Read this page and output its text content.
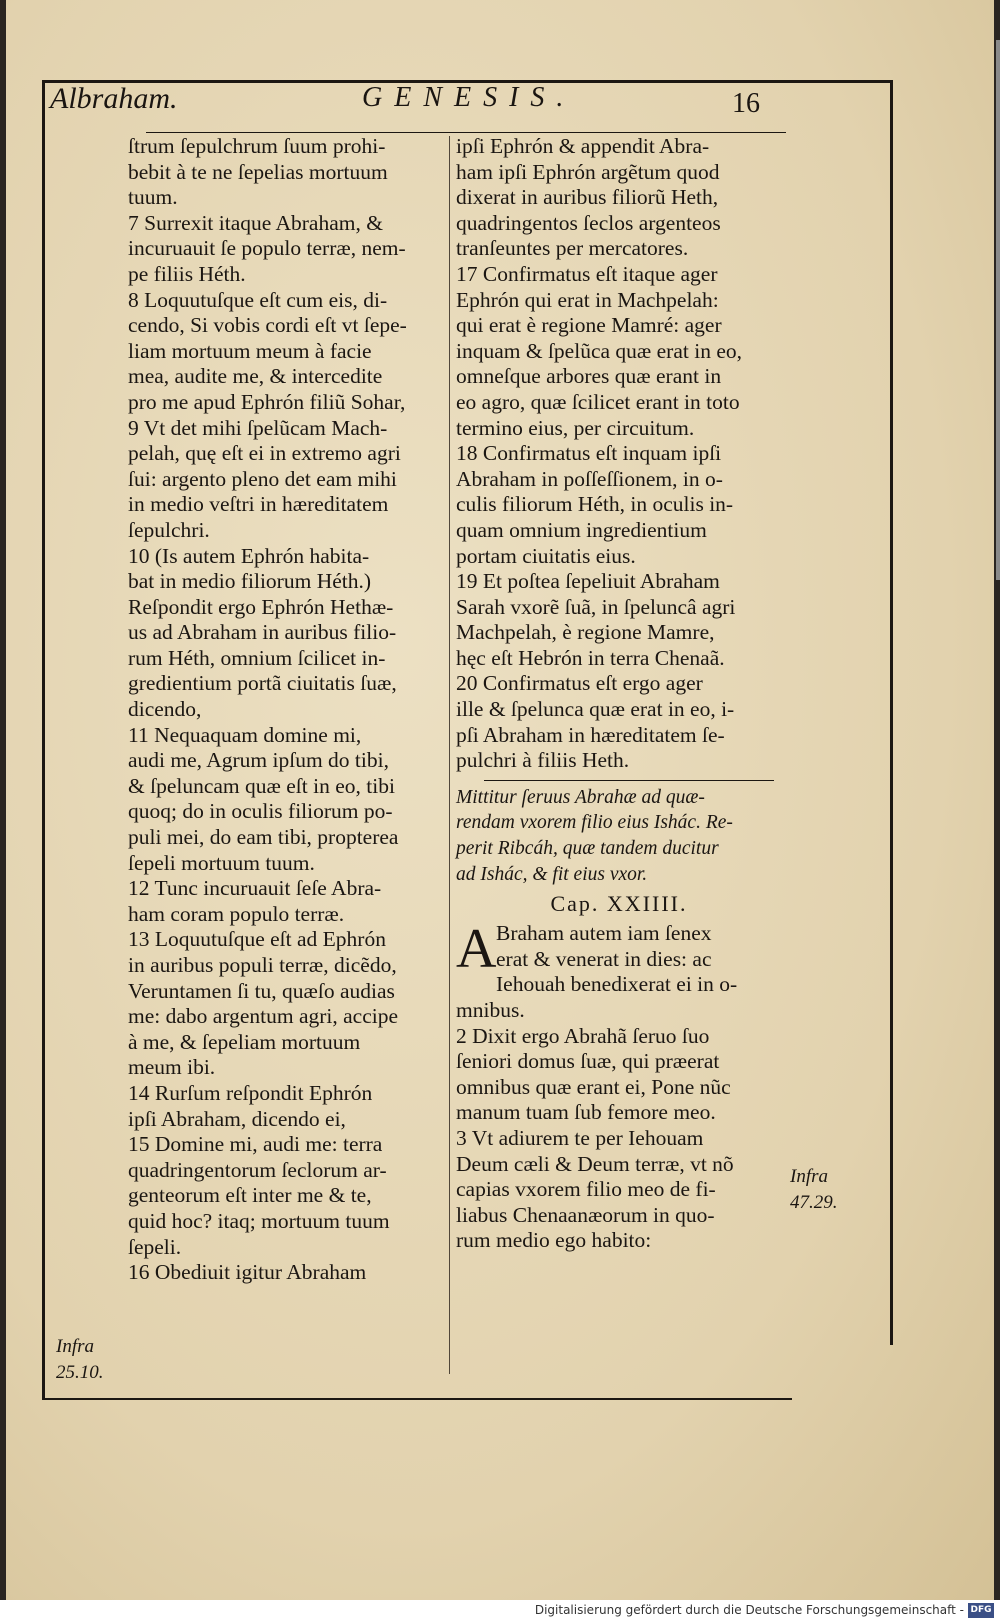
Albraham.	GENESIS.	16
ſtrum ſepulchrum ſuum prohi-
bebit à te ne ſepelias mortuum
tuum.
7 Surrexit itaque Abraham, &
incuruauit ſe populo terræ, nem-
pe filiis Héth.
8 Loquutuſque eſt cum eis, di-
cendo, Si vobis cordi eſt vt ſepe-
liam mortuum meum à facie
mea, audite me, & intercedite
pro me apud Ephrón filiũ Sohar,
9 Vt det mihi ſpelũcam Mach-
pelah, quę eſt ei in extremo agri
ſui: argento pleno det eam mihi
in medio veſtri in hæreditatem
ſepulchri.
10 (Is autem Ephrón habita-
bat in medio filiorum Héth.)
Reſpondit ergo Ephrón Hethæ-
us ad Abraham in auribus filio-
rum Héth, omnium ſcilicet in-
gredientium portã ciuitatis ſuæ,
dicendo,
11 Nequaquam domine mi,
audi me, Agrum ipſum do tibi,
& ſpeluncam quæ eſt in eo, tibi
quoq; do in oculis filiorum po-
puli mei, do eam tibi, propterea
ſepeli mortuum tuum.
12 Tunc incuruauit ſeſe Abra-
ham coram populo terræ.
13 Loquutuſque eſt ad Ephrón
in auribus populi terræ, dicẽdo,
Veruntamen ſi tu, quæſo audias
me: dabo argentum agri, accipe
à me, & ſepeliam mortuum
meum ibi.
14 Rurſum reſpondit Ephrón
ipſi Abraham, dicendo ei,
15 Domine mi, audi me: terra
quadringentorum ſeclorum ar-
genteorum eſt inter me & te,
quid hoc? itaq; mortuum tuum
ſepeli.
16 Obediuit igitur Abraham
ipſi Ephrón & appendit Abra-
ham ipſi Ephrón argẽtum quod
dixerat in auribus filiorũ Heth,
quadringentos ſeclos argenteos
tranſeuntes per mercatores.
17 Confirmatus eſt itaque ager
Ephrón qui erat in Machpelah:
qui erat è regione Mamré: ager
inquam & ſpelũca quæ erat in eo,
omneſque arbores quæ erant in
eo agro, quæ ſcilicet erant in toto
termino eius, per circuitum.
18 Confirmatus eſt inquam ipſi
Abraham in poſſeſſionem, in o-
culis filiorum Héth, in oculis in-
quam omnium ingredientium
portam ciuitatis eius.
19 Et poſtea ſepeliuit Abraham
Sarah vxorẽ ſuã, in ſpeluncâ agri
Machpelah, è regione Mamre,
hęc eſt Hebrón in terra Chenaã.
20 Confirmatus eſt ergo ager
ille & ſpelunca quæ erat in eo, i-
pſi Abraham in hæreditatem ſe-
pulchri à filiis Heth.
Mittitur ſeruus Abrahæ ad quæ-
rendam vxorem filio eius Ishác. Re-
perit Ribcáh, quæ tandem ducitur
ad Ishác, & fit eius vxor.
Cap. XXIIII.
A Braham autem iam ſenex
erat & venerat in dies: ac
Iehouah benedixerat ei in o-
mnibus.
2 Dixit ergo Abrahã ſeruo ſuo
ſeniori domus ſuæ, qui præerat
omnibus quæ erant ei, Pone nũc
manum tuam ſub femore meo.
3 Vt adiurem te per Iehouam
Deum cæli & Deum terræ, vt nõ
capias vxorem filio meo de fi-
liabus Chenaanæorum in quo-
rum medio ego habito:
Infra
47.29.
Infra
25.10.
Digitalisierung gefördert durch die Deutsche Forschungsgemeinschaft - DFG
